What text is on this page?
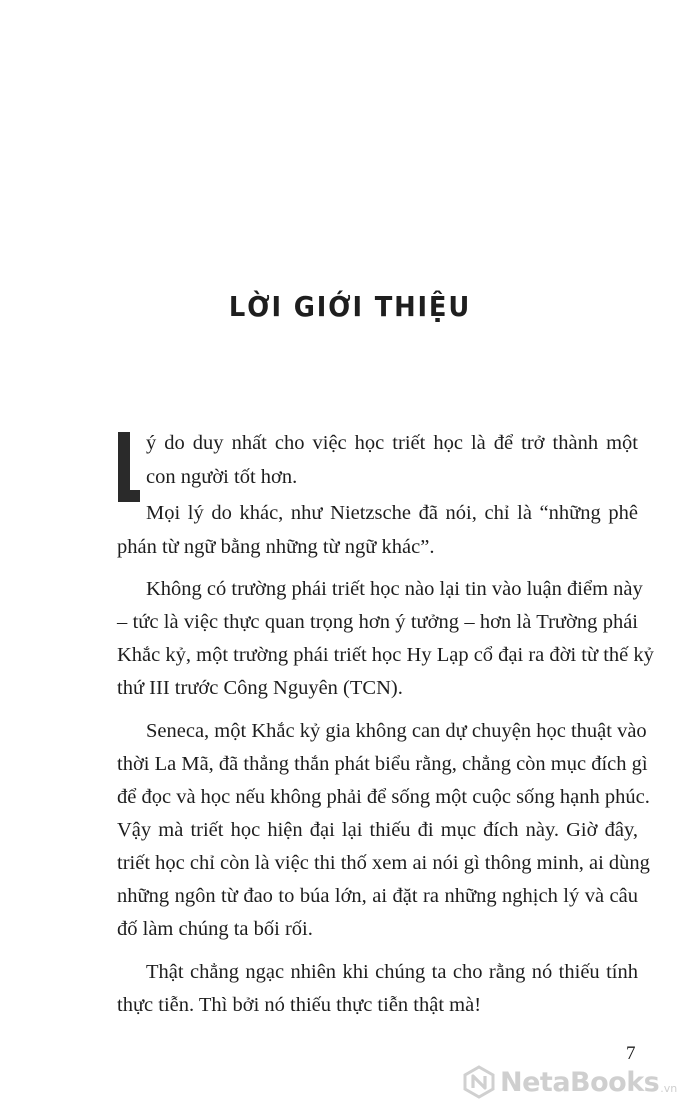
LỜI GIỚI THIỆU
ý do duy nhất cho việc học triết học là để trở thành một
con người tốt hơn.
Mọi lý do khác, như Nietzsche đã nói, chỉ là “những phê
phán từ ngữ bằng những từ ngữ khác”.
Không có trường phái triết học nào lại tin vào luận điểm này
– tức là việc thực quan trọng hơn ý tưởng – hơn là Trường phái
Khắc kỷ, một trường phái triết học Hy Lạp cổ đại ra đời từ thế kỷ
thứ III trước Công Nguyên (TCN).
Seneca, một Khắc kỷ gia không can dự chuyện học thuật vào
thời La Mã, đã thẳng thắn phát biểu rằng, chẳng còn mục đích gì
để đọc và học nếu không phải để sống một cuộc sống hạnh phúc.
Vậy mà triết học hiện đại lại thiếu đi mục đích này. Giờ đây,
triết học chỉ còn là việc thi thố xem ai nói gì thông minh, ai dùng
những ngôn từ đao to búa lớn, ai đặt ra những nghịch lý và câu
đố làm chúng ta bối rối.
Thật chẳng ngạc nhiên khi chúng ta cho rằng nó thiếu tính
thực tiễn. Thì bởi nó thiếu thực tiễn thật mà!
7
NetaBooks .vn
